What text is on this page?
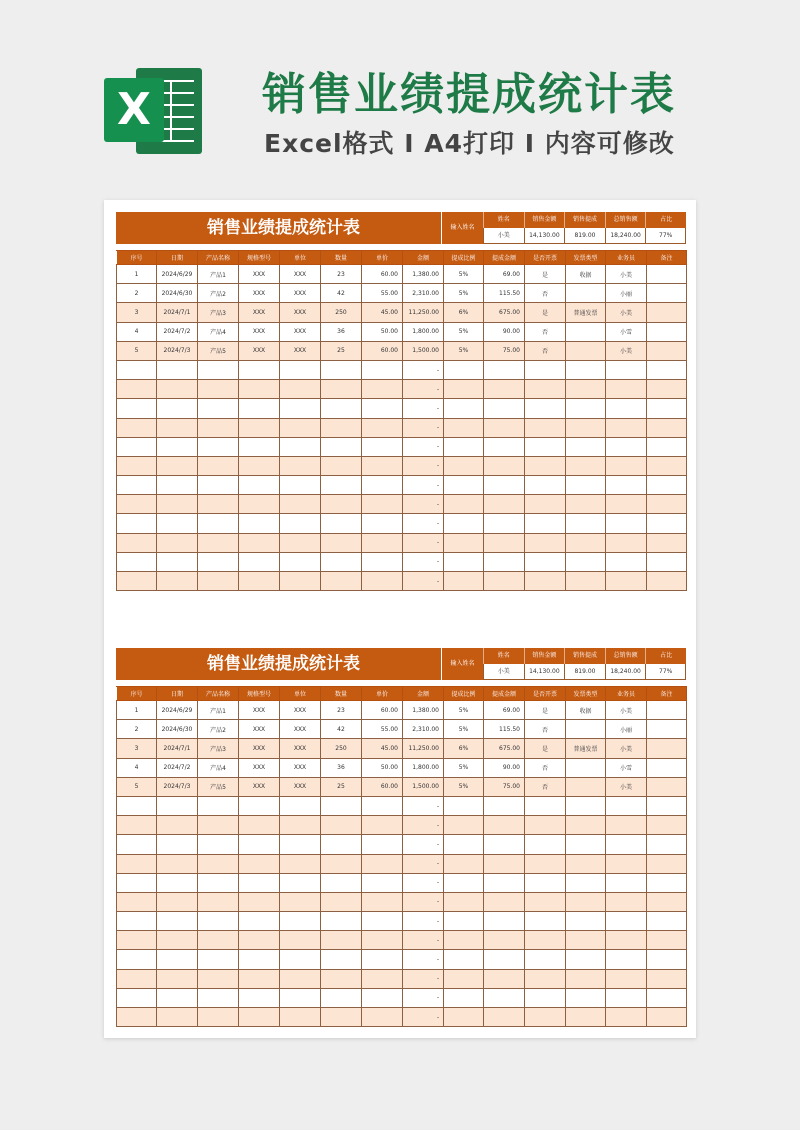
X	销售业绩提成统计表
Excel格式 I A4打印 I 内容可修改
销售业绩提成统计表	输入姓名
姓名	销售金额	销售提成	总销售额	占比
小美	14,130.00	819.00	18,240.00	77%
序号	日期	产品名称	规格型号	单位	数量	单价	金额	提成比例	提成金额	是否开票	发票类型	业务员	备注
1	2024/6/29	产品1	XXX	XXX	23	60.00	1,380.00	5%	69.00	是	收据	小美	
2	2024/6/30	产品2	XXX	XXX	42	55.00	2,310.00	5%	115.50	否		小丽	
3	2024/7/1	产品3	XXX	XXX	250	45.00	11,250.00	6%	675.00	是	普通发票	小美	
4	2024/7/2	产品4	XXX	XXX	36	50.00	1,800.00	5%	90.00	否		小雪	
5	2024/7/3	产品5	XXX	XXX	25	60.00	1,500.00	5%	75.00	否		小美	
							-						
							-						
							-						
							-						
							-						
							-						
							-						
							-						
							-						
							-						
							-						
							-						
销售业绩提成统计表	输入姓名
姓名	销售金额	销售提成	总销售额	占比
小美	14,130.00	819.00	18,240.00	77%
序号	日期	产品名称	规格型号	单位	数量	单价	金额	提成比例	提成金额	是否开票	发票类型	业务员	备注
1	2024/6/29	产品1	XXX	XXX	23	60.00	1,380.00	5%	69.00	是	收据	小美	
2	2024/6/30	产品2	XXX	XXX	42	55.00	2,310.00	5%	115.50	否		小丽	
3	2024/7/1	产品3	XXX	XXX	250	45.00	11,250.00	6%	675.00	是	普通发票	小美	
4	2024/7/2	产品4	XXX	XXX	36	50.00	1,800.00	5%	90.00	否		小雪	
5	2024/7/3	产品5	XXX	XXX	25	60.00	1,500.00	5%	75.00	否		小美	
							-						
							-						
							-						
							-						
							-						
							-						
							-						
							-						
							-						
							-						
							-						
							-						
